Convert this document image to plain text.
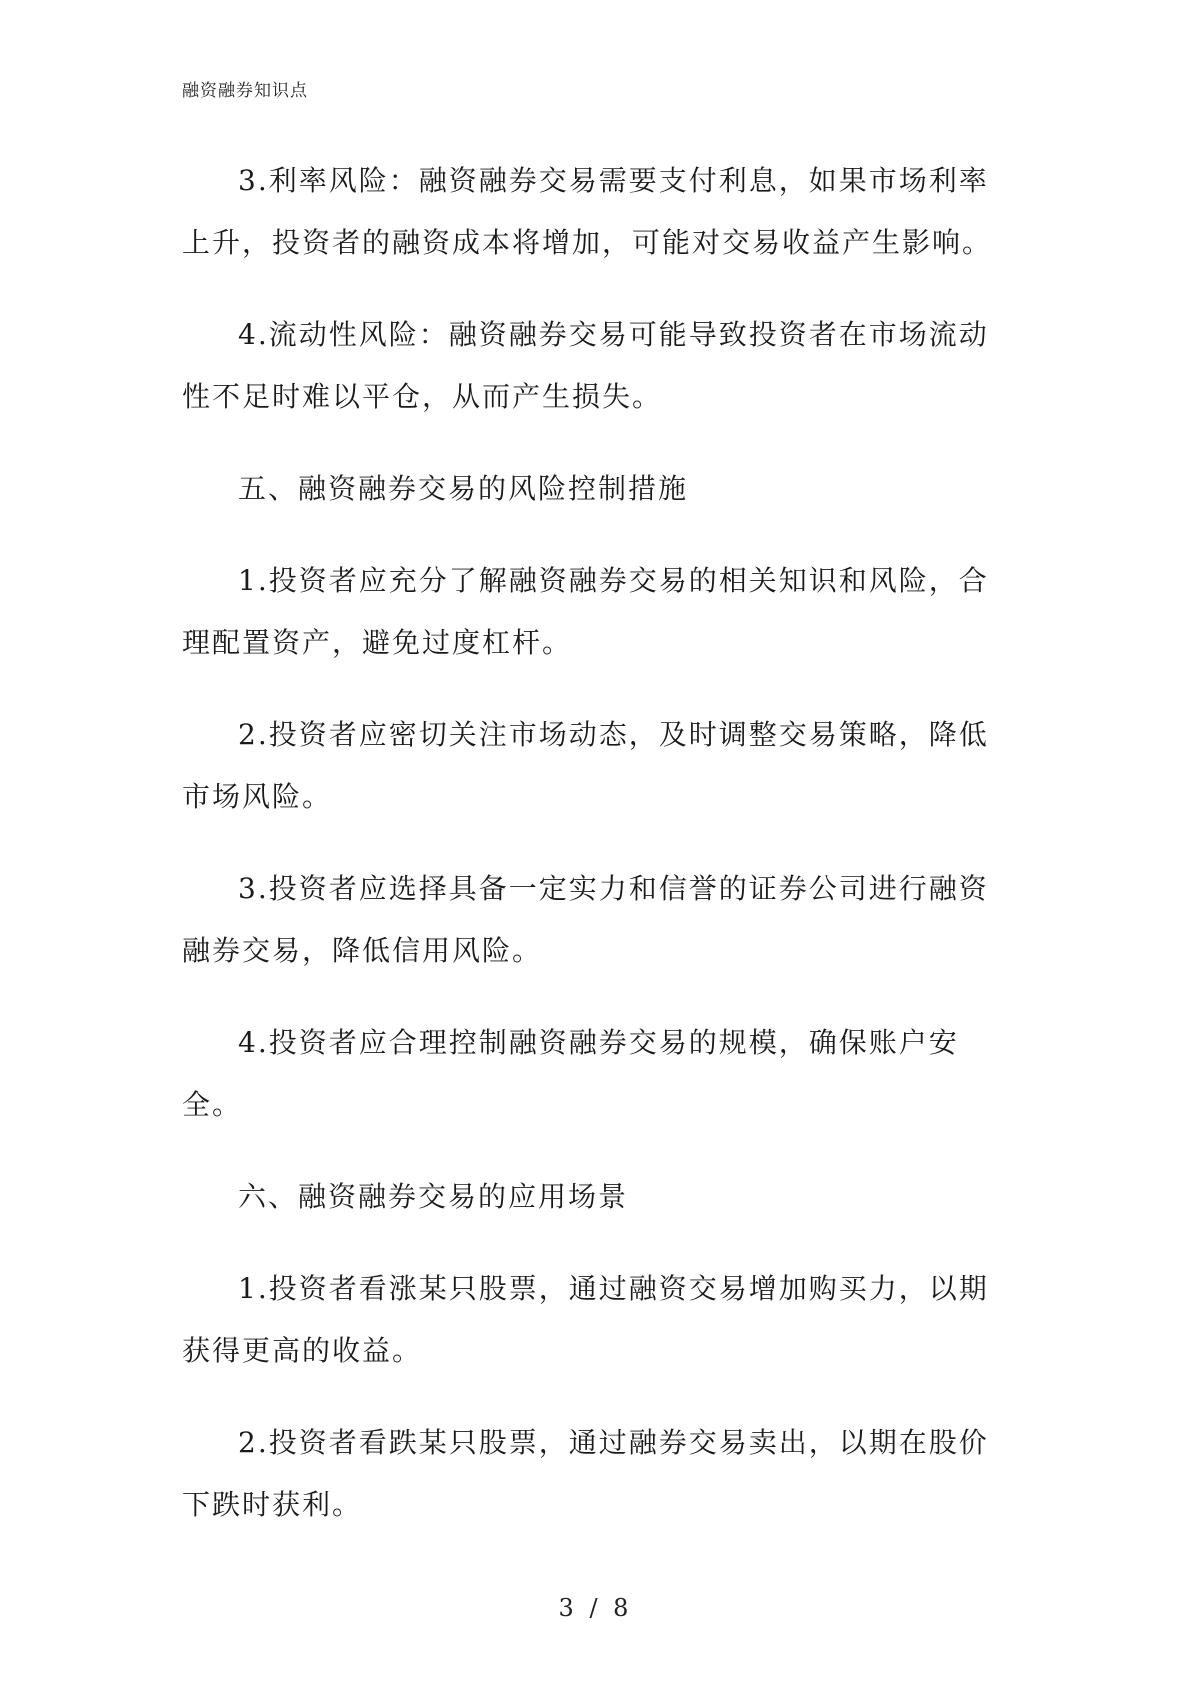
融资融券知识点

3.利率风险：融资融券交易需要支付利息，如果市场利率上升，投资者的融资成本将增加，可能对交易收益产生影响。

4.流动性风险：融资融券交易可能导致投资者在市场流动性不足时难以平仓，从而产生损失。

五、融资融券交易的风险控制措施

1.投资者应充分了解融资融券交易的相关知识和风险，合理配置资产，避免过度杠杆。

2.投资者应密切关注市场动态，及时调整交易策略，降低市场风险。

3.投资者应选择具备一定实力和信誉的证券公司进行融资融券交易，降低信用风险。

4.投资者应合理控制融资融券交易的规模，确保账户安全。

六、融资融券交易的应用场景

1.投资者看涨某只股票，通过融资交易增加购买力，以期获得更高的收益。

2.投资者看跌某只股票，通过融券交易卖出，以期在股价下跌时获利。

3 / 8
